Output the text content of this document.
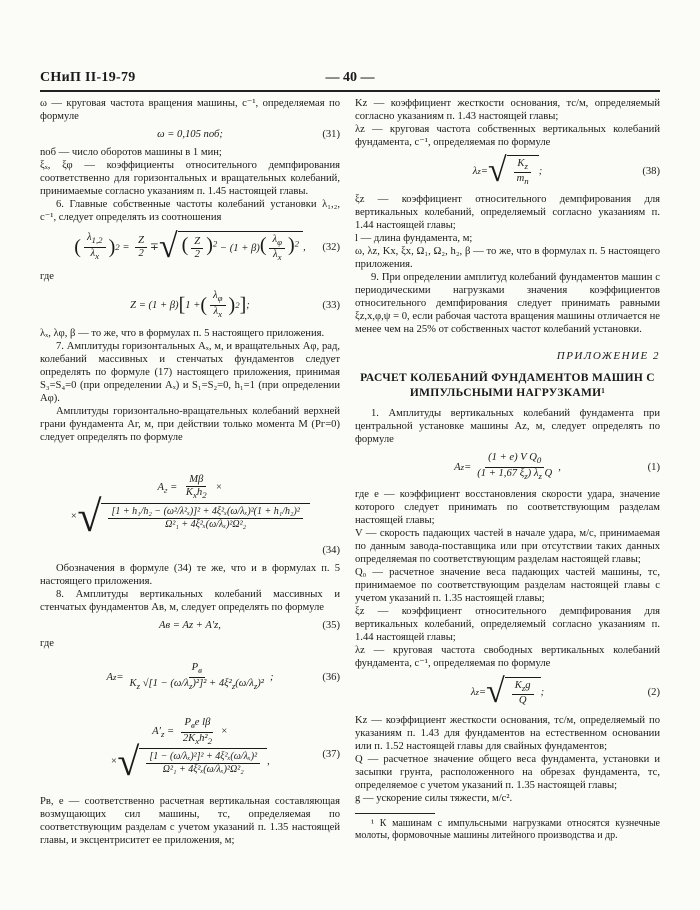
СНиП II-19-79	— 40 —

ω — круговая частота вращения машины, с⁻¹, определяемая по формуле

ω = 0,105 nоб;	(31)

nоб — число оборотов машины в 1 мин;

ξₓ, ξφ — коэффициенты относительного демпфирования соответственно для горизонтальных и вращательных колебаний, принимаемые согласно указаниям п. 1.45 настоящей главы.

6. Главные собственные частоты колебаний установки λ₁,₂, с⁻¹, следует определять из соотношения

( $\frac{\lambda_{1,2}}{\lambda_x}$ ) $2 = \frac{Z}{2}$ ∓ √ ( $\frac{Z}{2} )^2 - (1 + \beta)( \frac{\lambda_\varphi}{\lambda_x} )^2$ , (32)

где

Z = (1 + β) [ 1 + ( $\frac{\lambda_\varphi}{\lambda_x}$ ) 2 ] ;	(33)

λₓ, λφ, β — то же, что в формулах п. 5 настоящего приложения.

7. Амплитуды горизонтальных Aₓ, м, и вращательных Aφ, рад, колебаний массивных и стенчатых фундаментов следует определять по формуле (17) настоящего приложения, принимая S₃=S₄=0 (при определении Aₓ) и S₁=S₂=0, h₁=1 (при определении Aφ).

Амплитуды горизонтально-вращательных колебаний верхней грани фундамента Aг, м, при действии только момента M (Pг=0) следует определять по формуле

$A_г = \frac{M\beta}{K_xh_2}$ ×
× √ $\frac{\text{[1 + h₁/h₂ − (ω²/λ²ₓ)]² + 4ξ²ₓ(ω/λₓ)²(1 + h₁/h₂)²}}{\text{Ω²₁ + 4ξ²ₓ(ω/λₓ)²Ω²₂}}$
(34)

Обозначения в формуле (34) те же, что и в формулах п. 5 настоящего приложения.

8. Амплитуды вертикальных колебаний массивных и стенчатых фундаментов Aв, м, следует определять по формуле

Aв = Az + A′z,	(35)

где

A $z = \frac{P_в}{K_z √[1 - (\omega/\lambda_z)^2]^2 + 4\xi^2_z(\omega/\lambda_z)^2}$ ;	(36)
$A'_z = \frac{P_вe l\beta}{2K_xh^2_2}$ ×
× √ $\frac{\text{[1 − (ω/λₓ)²]² + 4ξ²ₓ(ω/λₓ)²}}{\text{Ω²₁ + 4ξ²ₓ(ω/λₓ)²Ω²₂}}$ ,
(37)

Pв, e — соответственно расчетная вертикальная составляющая возмущающих сил машины, тс, определяемая по соответствующим разделам с учетом указаний п. 1.35 настоящей главы, и эксцентриситет ее приложения, м;

Kz — коэффициент жесткости основания, тс/м, определяемый согласно указаниям п. 1.43 настоящей главы;

λz — круговая частота собственных вертикальных колебаний фундамента, с⁻¹, определяемая по формуле

λ z = √ $\frac{K_z}{m_п}$ ;	(38)

ξz — коэффициент относительного демпфирования для вертикальных колебаний, определяемый согласно указаниям п. 1.44 настоящей главы;

l — длина фундамента, м;

ω, λz, Kx, ξx, Ω₁, Ω₂, h₂, β — то же, что в формулах п. 5 настоящего приложения.

9. При определении амплитуд колебаний фундаментов машин с периодическими нагрузками значения коэффициентов относительного демпфирования следует принимать равными ξz,x,φ,ψ = 0, если рабочая частота вращения машины отличается не менее чем на 25% от собственных частот колебаний установки.

ПРИЛОЖЕНИЕ 2
РАСЧЕТ КОЛЕБАНИЙ ФУНДАМЕНТОВ МАШИН С ИМПУЛЬСНЫМИ НАГРУЗКАМИ¹

1. Амплитуды вертикальных колебаний фундамента при центральной установке машины Az, м, следует определять по формуле

A $z = \frac{(1 + e) V Q_0}{(1 + 1,67 \xi_z) \lambda_z Q}$ ,	(1)

где e — коэффициент восстановления скорости удара, значение которого следует принимать по соответствующим разделам настоящей главы;

V — скорость падающих частей в начале удара, м/с, принимаемая по данным завода-поставщика или при отсутствии таких данных определяемая по соответствующим разделам настоящей главы;

Q₀ — расчетное значение веса падающих частей машины, тс, принимаемое по соответствующим разделам настоящей главы с учетом указаний п. 1.35 настоящей главы;

ξz — коэффициент относительного демпфирования для вертикальных колебаний, определяемый согласно указаниям п. 1.44 настоящей главы;

λz — круговая частота свободных вертикальных колебаний фундамента, с⁻¹, определяемая по формуле

λ z = √ $\frac{K_zg}{Q}$ ;	(2)

Kz — коэффициент жесткости основания, тс/м, определяемый по указаниям п. 1.43 для фундаментов на естественном основании или п. 1.52 настоящей главы для свайных фундаментов;

Q — расчетное значение общего веса фундамента, установки и засыпки грунта, расположенного на обрезах фундамента, тс, определяемое с учетом указаний п. 1.35 настоящей главы;

g — ускорение силы тяжести, м/с².

¹ К машинам с импульсными нагрузками относятся кузнечные молоты, формовочные машины литейного производства и др.
